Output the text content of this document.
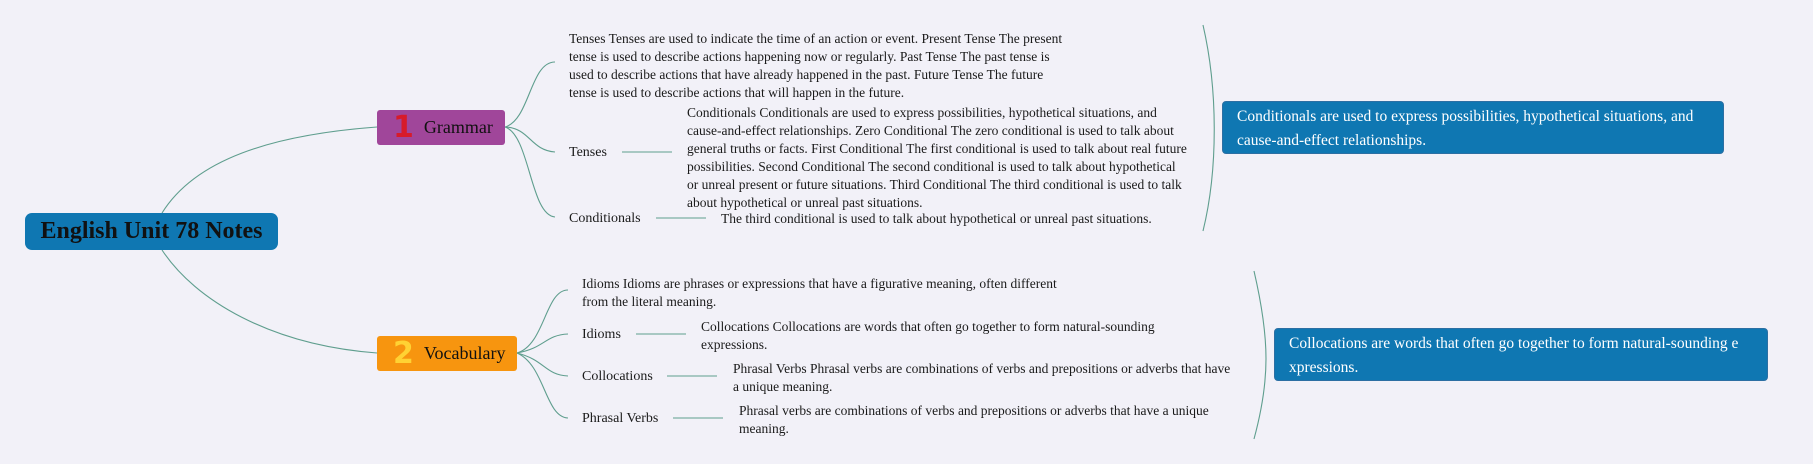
English Unit 78 Notes
1 Grammar
Tenses Tenses are used to indicate the time of an action or event. Present Tense The present tense is used to describe actions happening now or regularly. Past Tense The past tense is used to describe actions that have already happened in the past. Future Tense The future tense is used to describe actions that will happen in the future.
Tenses
Conditionals Conditionals are used to express possibilities, hypothetical situations, and cause-and-effect relationships. Zero Conditional The zero conditional is used to talk about general truths or facts. First Conditional The first conditional is used to talk about real future possibilities. Second Conditional The second conditional is used to talk about hypothetical or unreal present or future situations. Third Conditional The third conditional is used to talk about hypothetical or unreal past situations.
Conditionals	The third conditional is used to talk about hypothetical or unreal past situations.
Conditionals are used to express possibilities, hypothetical situations, and cause-and-effect relationships.
2 Vocabulary
Idioms Idioms are phrases or expressions that have a figurative meaning, often different from the literal meaning.
Idioms
Collocations Collocations are words that often go together to form natural-sounding expressions.
Collocations
Phrasal Verbs Phrasal verbs are combinations of verbs and prepositions or adverbs that have a unique meaning.
Phrasal Verbs
Phrasal verbs are combinations of verbs and prepositions or adverbs that have a unique meaning.
Collocations are words that often go together to form natural-sounding e xpressions.
